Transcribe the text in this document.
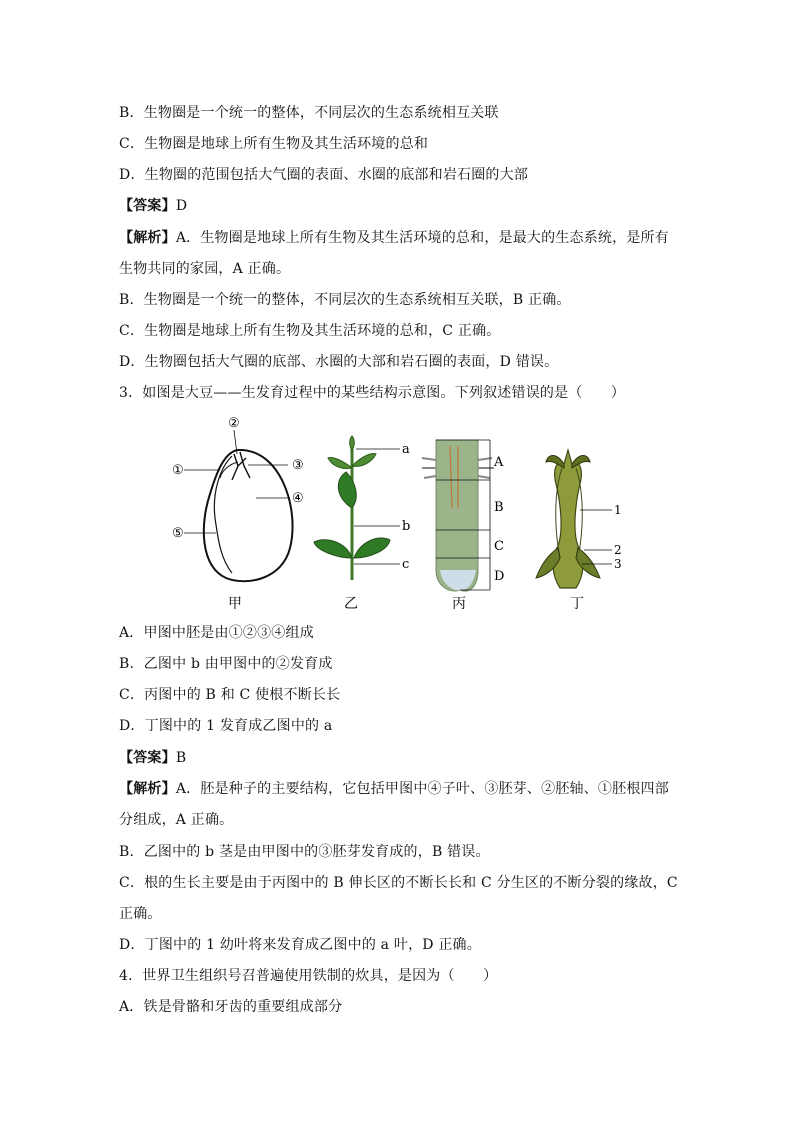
B．生物圈是一个统一的整体，不同层次的生态系统相互关联
C．生物圈是地球上所有生物及其生活环境的总和
D．生物圈的范围包括大气圈的表面、水圈的底部和岩石圈的大部
【答案】D
【解析】A．生物圈是地球上所有生物及其生活环境的总和，是最大的生态系统，是所有
生物共同的家园，A 正确。
B．生物圈是一个统一的整体，不同层次的生态系统相互关联，B 正确。
C．生物圈是地球上所有生物及其生活环境的总和，C 正确。
D．生物圈包括大气圈的底部、水圈的大部和岩石圈的表面，D 错误。
3．如图是大豆——生发育过程中的某些结构示意图。下列叙述错误的是（　　）
②
①	③
④
⑤
甲
a
b
c
乙
A
B
C
D
丙
1
2
3
丁
A．甲图中胚是由①②③④组成
B．乙图中 b 由甲图中的②发育成
C．丙图中的 B 和 C 使根不断长长
D．丁图中的 1 发育成乙图中的 a
【答案】B
【解析】A．胚是种子的主要结构，它包括甲图中④子叶、③胚芽、②胚轴、①胚根四部
分组成，A 正确。
B．乙图中的 b 茎是由甲图中的③胚芽发育成的，B 错误。
C．根的生长主要是由于丙图中的 B 伸长区的不断长长和 C 分生区的不断分裂的缘故，C
正确。
D．丁图中的 1 幼叶将来发育成乙图中的 a 叶，D 正确。
4．世界卫生组织号召普遍使用铁制的炊具，是因为（　　）
A．铁是骨骼和牙齿的重要组成部分
